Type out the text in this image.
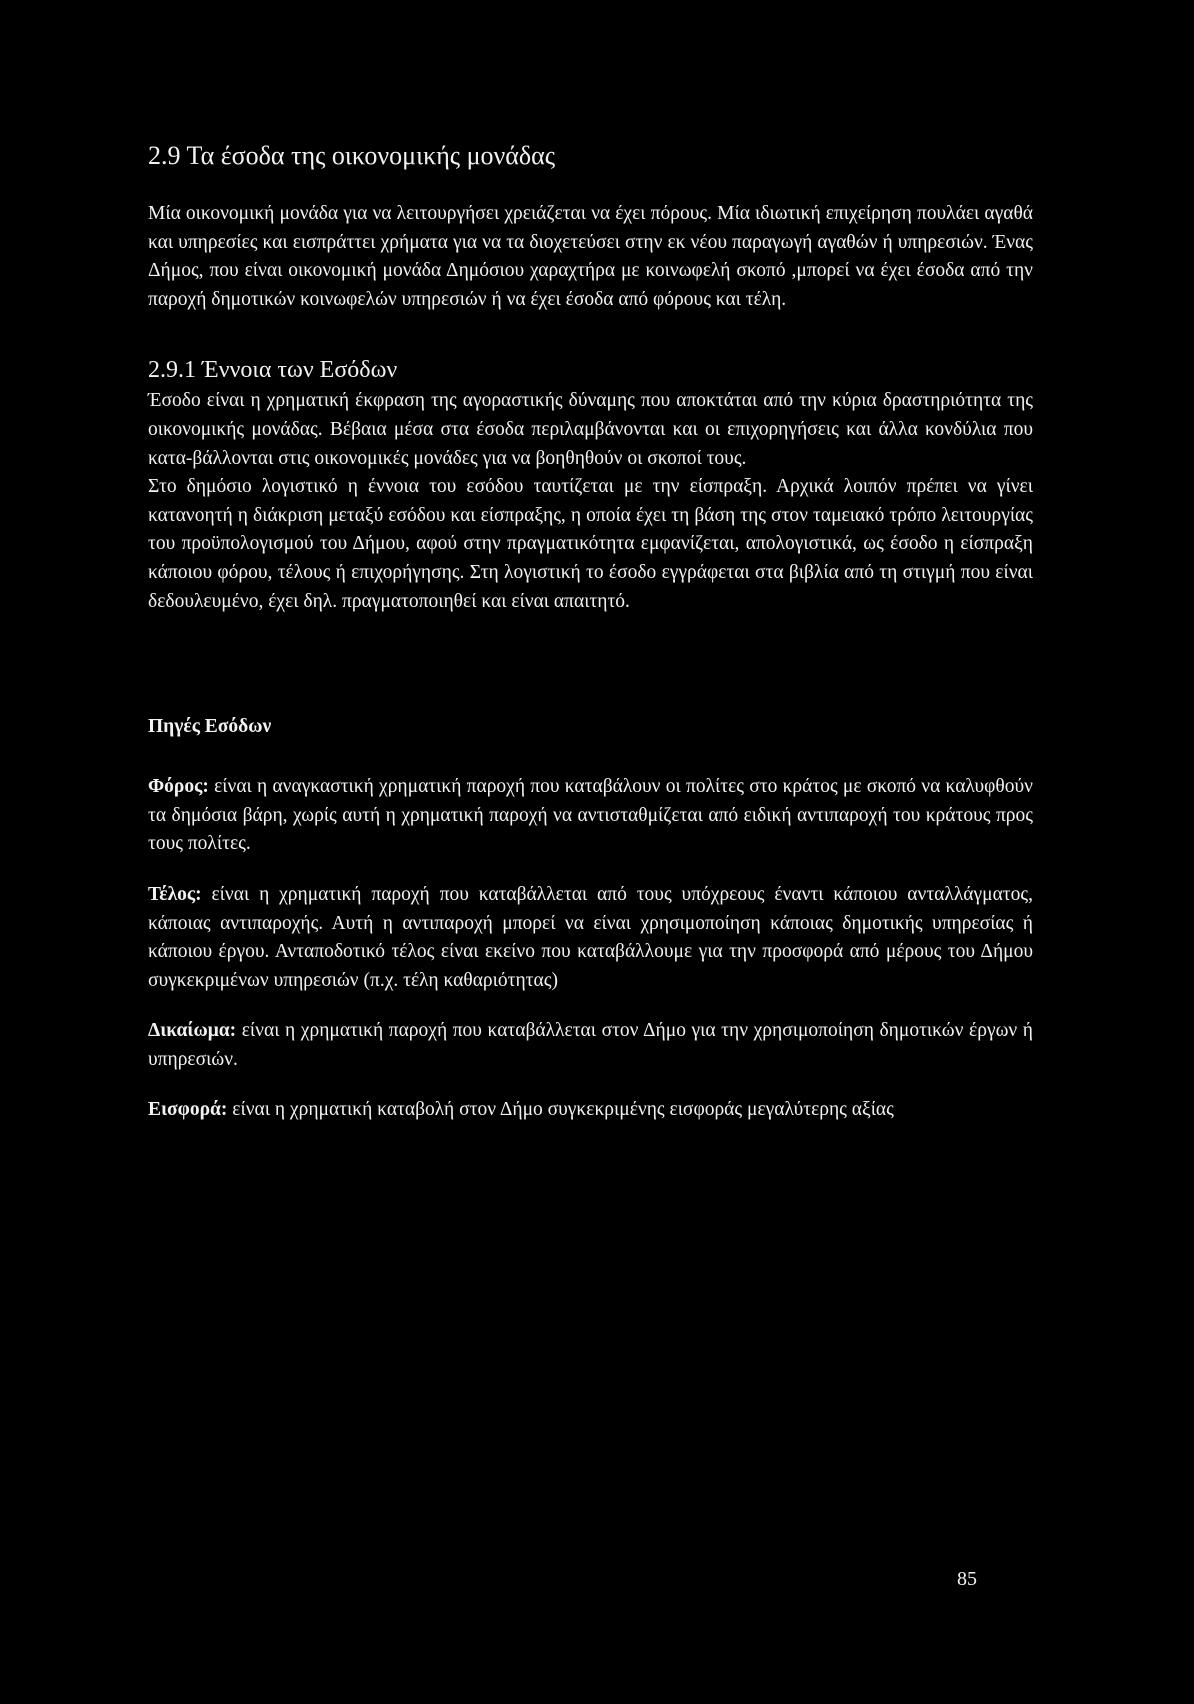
2.9 Τα έσοδα της οικονομικής μονάδας

Μία οικονομική μονάδα για να λειτουργήσει χρειάζεται να έχει πόρους. Μία ιδιωτική επιχείρηση πουλάει αγαθά και υπηρεσίες και εισπράττει χρήματα για να τα διοχετεύσει στην εκ νέου παραγωγή αγαθών ή υπηρεσιών. Ένας Δήμος, που είναι οικονομική μονάδα Δημόσιου χαραχτήρα με κοινωφελή σκοπό ,μπορεί να έχει έσοδα από την παροχή δημοτικών κοινωφελών υπηρεσιών ή να έχει έσοδα από φόρους και τέλη.

2.9.1 Έννοια των Εσόδων

Έσοδο είναι η χρηματική έκφραση της αγοραστικής δύναμης που αποκτάται από την κύρια δραστηριότητα της οικονομικής μονάδας. Βέβαια μέσα στα έσοδα περιλαμβάνονται και οι επιχορηγήσεις και άλλα κονδύλια που κατα-βάλλονται στις οικονομικές μονάδες για να βοηθηθούν οι σκοποί τους.

Στο δημόσιο λογιστικό η έννοια του εσόδου ταυτίζεται με την είσπραξη. Αρχικά λοιπόν πρέπει να γίνει κατανοητή η διάκριση μεταξύ εσόδου και είσπραξης, η οποία έχει τη βάση της στον ταμειακό τρόπο λειτουργίας του προϋπολογισμού του Δήμου, αφού στην πραγματικότητα εμφανίζεται, απολογιστικά, ως έσοδο η είσπραξη κάποιου φόρου, τέλους ή επιχορήγησης. Στη λογιστική το έσοδο εγγράφεται στα βιβλία από τη στιγμή που είναι δεδουλευμένο, έχει δηλ. πραγματοποιηθεί και είναι απαιτητό.

Πηγές Εσόδων

Φόρος: είναι η αναγκαστική χρηματική παροχή που καταβάλουν οι πολίτες στο κράτος με σκοπό να καλυφθούν τα δημόσια βάρη, χωρίς αυτή η χρηματική παροχή να αντισταθμίζεται από ειδική αντιπαροχή του κράτους προς τους πολίτες.

Τέλος: είναι η χρηματική παροχή που καταβάλλεται από τους υπόχρεους έναντι κάποιου ανταλλάγματος, κάποιας αντιπαροχής. Αυτή η αντιπαροχή μπορεί να είναι χρησιμοποίηση κάποιας δημοτικής υπηρεσίας ή κάποιου έργου. Ανταποδοτικό τέλος είναι εκείνο που καταβάλλουμε για την προσφορά από μέρους του Δήμου συγκεκριμένων υπηρεσιών (π.χ. τέλη καθαριότητας)

Δικαίωμα: είναι η χρηματική παροχή που καταβάλλεται στον Δήμο για την χρησιμοποίηση δημοτικών έργων ή υπηρεσιών.

Εισφορά: είναι η χρηματική καταβολή στον Δήμο συγκεκριμένης εισφοράς μεγαλύτερης αξίας

85
